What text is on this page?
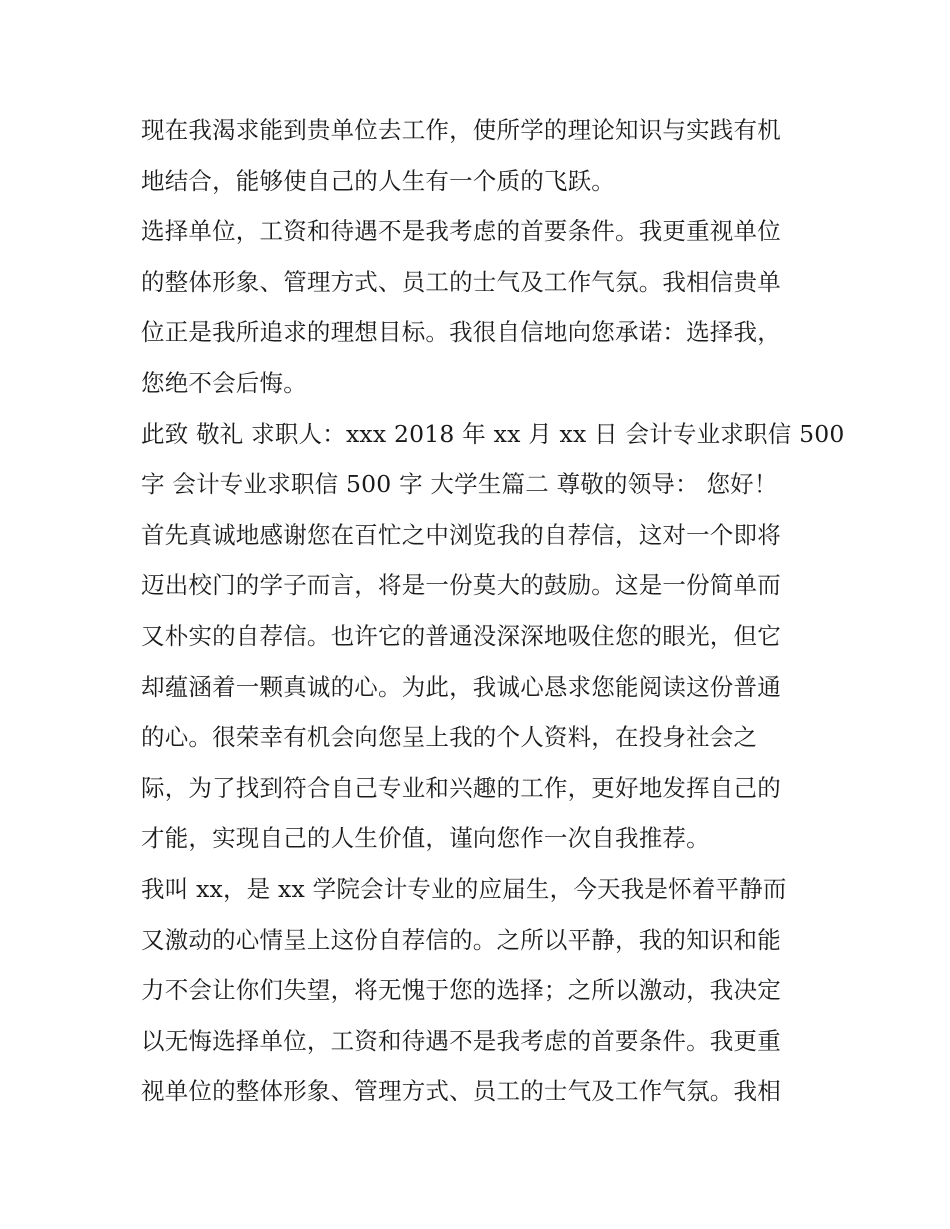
现在我渴求能到贵单位去工作，使所学的理论知识与实践有机
地结合，能够使自己的人生有一个质的飞跃。
选择单位，工资和待遇不是我考虑的首要条件。我更重视单位
的整体形象、管理方式、员工的士气及工作气氛。我相信贵单
位正是我所追求的理想目标。我很自信地向您承诺：选择我，
您绝不会后悔。
此致 敬礼 求职人：xxx 2018 年 xx 月 xx 日 会计专业求职信 500
字 会计专业求职信 500 字 大学生篇二 尊敬的领导： 您好！
首先真诚地感谢您在百忙之中浏览我的自荐信，这对一个即将
迈出校门的学子而言，将是一份莫大的鼓励。这是一份简单而
又朴实的自荐信。也许它的普通没深深地吸住您的眼光，但它
却蕴涵着一颗真诚的心。为此，我诚心恳求您能阅读这份普通
的心。很荣幸有机会向您呈上我的个人资料，在投身社会之
际，为了找到符合自己专业和兴趣的工作，更好地发挥自己的
才能，实现自己的人生价值，谨向您作一次自我推荐。
我叫 xx，是 xx 学院会计专业的应届生，今天我是怀着平静而
又激动的心情呈上这份自荐信的。之所以平静，我的知识和能
力不会让你们失望，将无愧于您的选择；之所以激动，我决定
以无悔选择单位，工资和待遇不是我考虑的首要条件。我更重
视单位的整体形象、管理方式、员工的士气及工作气氛。我相
